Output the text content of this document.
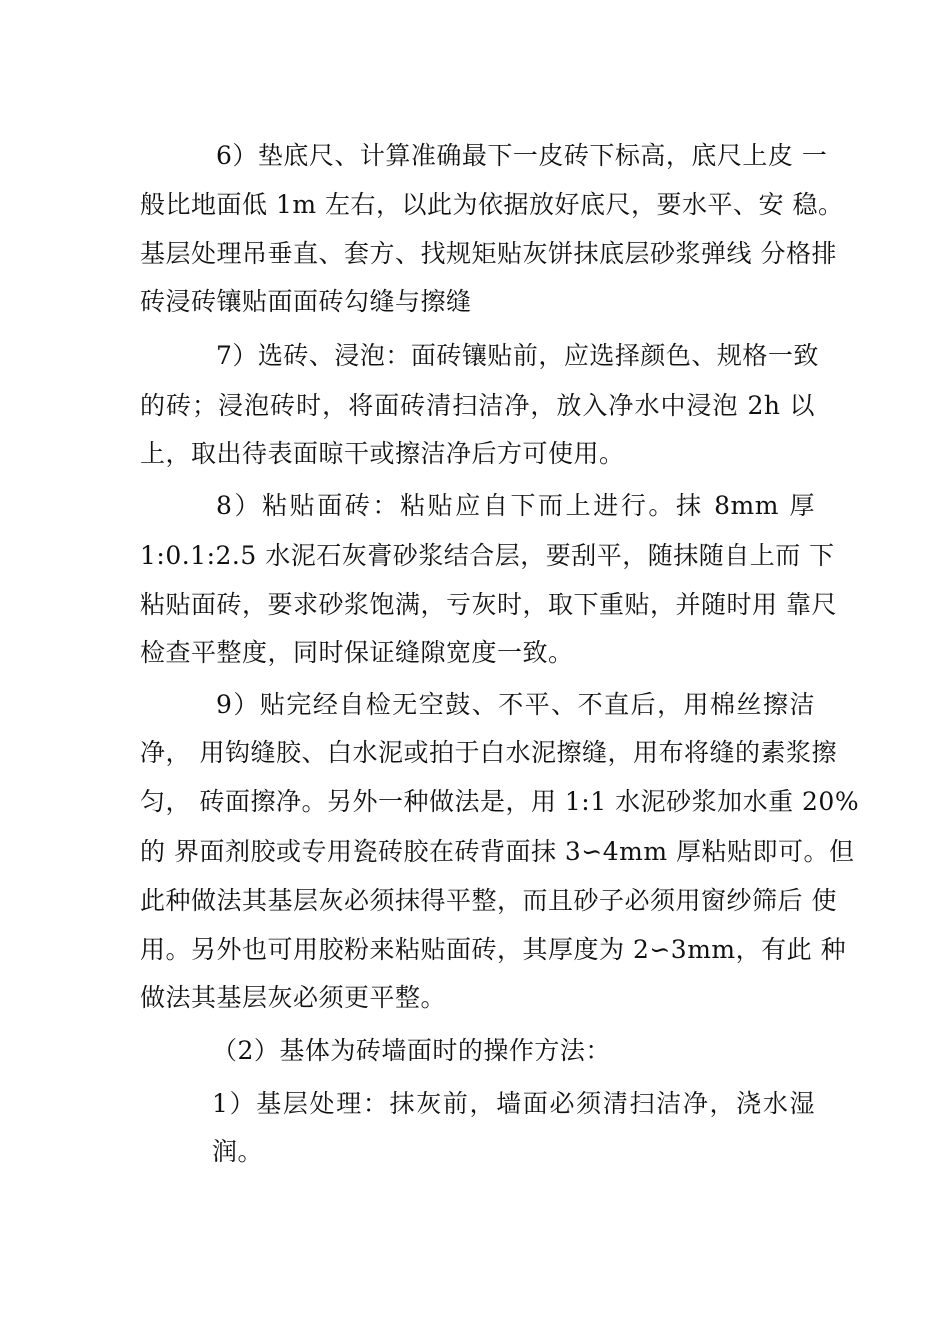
6）垫底尺、计算准确最下一皮砖下标高，底尺上皮 一
般比地面低 1m 左右，以此为依据放好底尺，要水平、安 稳。
基层处理吊垂直、套方、找规矩贴灰饼抹底层砂浆弹线 分格排
砖浸砖镶贴面面砖勾缝与擦缝
7）选砖、浸泡：面砖镶贴前，应选择颜色、规格一致
的砖；浸泡砖时，将面砖清扫洁净，放入净水中浸泡 2h 以
上，取出待表面晾干或擦洁净后方可使用。
8）粘贴面砖：粘贴应自下而上进行。抹 8mm 厚
1:0.1:2.5 水泥石灰膏砂浆结合层，要刮平，随抹随自上而 下
粘贴面砖，要求砂浆饱满，亏灰时，取下重贴，并随时用 靠尺
检查平整度，同时保证缝隙宽度一致。
9）贴完经自检无空鼓、不平、不直后，用棉丝擦洁
净， 用钩缝胶、白水泥或拍于白水泥擦缝，用布将缝的素浆擦
匀， 砖面擦净。另外一种做法是，用 1:1 水泥砂浆加水重 20%
的 界面剂胶或专用瓷砖胶在砖背面抹 3∽4mm 厚粘贴即可。但
此种做法其基层灰必须抹得平整，而且砂子必须用窗纱筛后 使
用。另外也可用胶粉来粘贴面砖，其厚度为 2∽3mm，有此 种
做法其基层灰必须更平整。
（2）基体为砖墙面时的操作方法：
1）基层处理：抹灰前，墙面必须清扫洁净，浇水湿
润。
